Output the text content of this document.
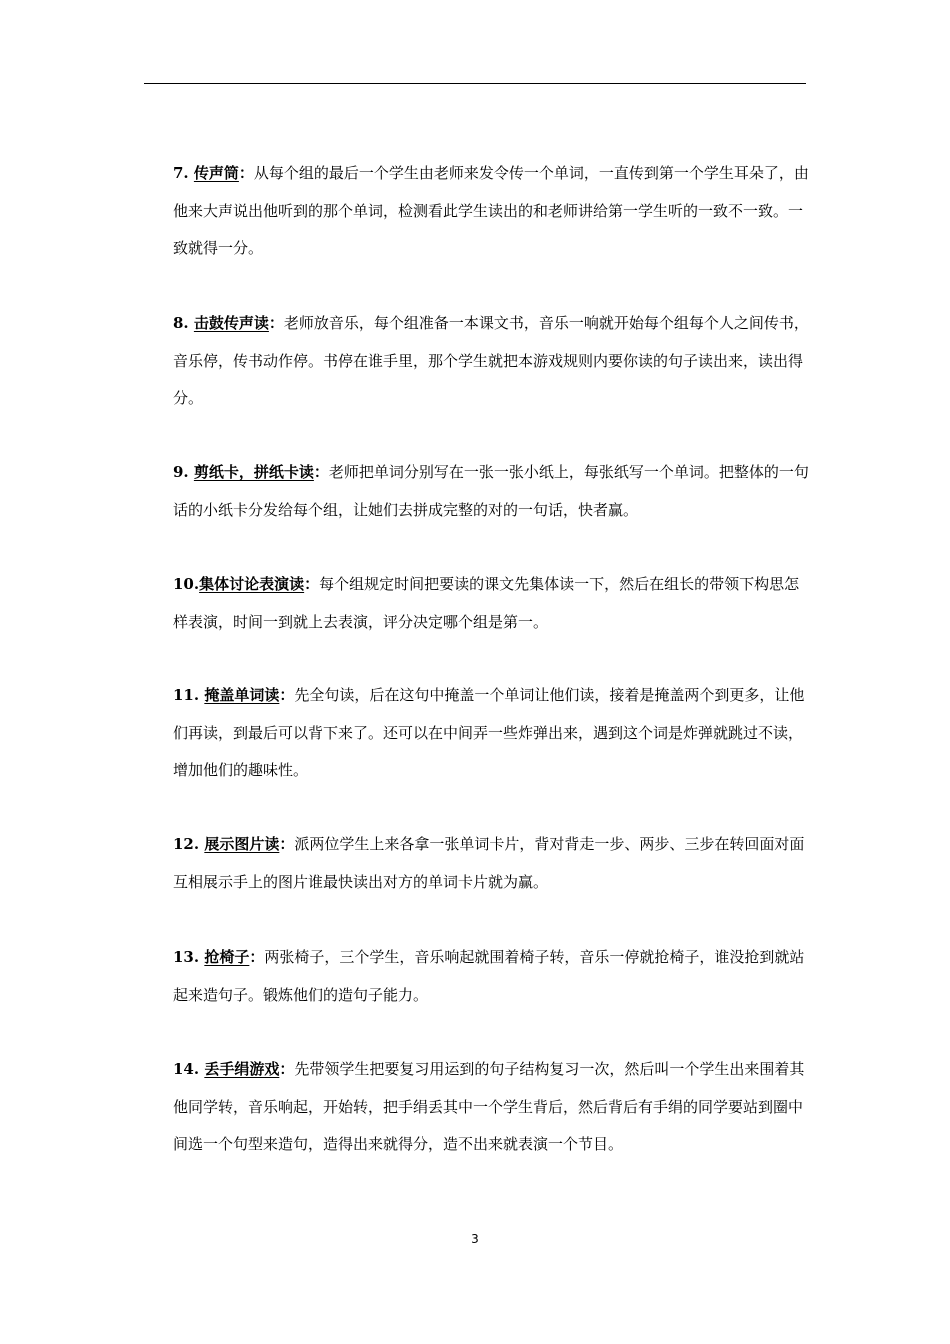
7. 传声筒：从每个组的最后一个学生由老师来发令传一个单词，一直传到第一个学生耳朵了，由他来大声说出他听到的那个单词，检测看此学生读出的和老师讲给第一学生听的一致不一致。一致就得一分。
8. 击鼓传声读：老师放音乐，每个组准备一本课文书，音乐一响就开始每个组每个人之间传书，音乐停，传书动作停。书停在谁手里，那个学生就把本游戏规则内要你读的句子读出来，读出得分。
9. 剪纸卡，拼纸卡读：老师把单词分别写在一张一张小纸上，每张纸写一个单词。把整体的一句话的小纸卡分发给每个组，让她们去拼成完整的对的一句话，快者赢。
10.集体讨论表演读：每个组规定时间把要读的课文先集体读一下，然后在组长的带领下构思怎样表演，时间一到就上去表演，评分决定哪个组是第一。
11. 掩盖单词读：先全句读，后在这句中掩盖一个单词让他们读，接着是掩盖两个到更多，让他们再读，到最后可以背下来了。还可以在中间弄一些炸弹出来，遇到这个词是炸弹就跳过不读，增加他们的趣味性。
12. 展示图片读：派两位学生上来各拿一张单词卡片，背对背走一步、两步、三步在转回面对面互相展示手上的图片谁最快读出对方的单词卡片就为赢。
13. 抢椅子：两张椅子，三个学生，音乐响起就围着椅子转，音乐一停就抢椅子，谁没抢到就站起来造句子。锻炼他们的造句子能力。
14. 丢手绢游戏：先带领学生把要复习用运到的句子结构复习一次，然后叫一个学生出来围着其他同学转，音乐响起，开始转，把手绢丢其中一个学生背后，然后背后有手绢的同学要站到圈中间选一个句型来造句，造得出来就得分，造不出来就表演一个节目。
3
